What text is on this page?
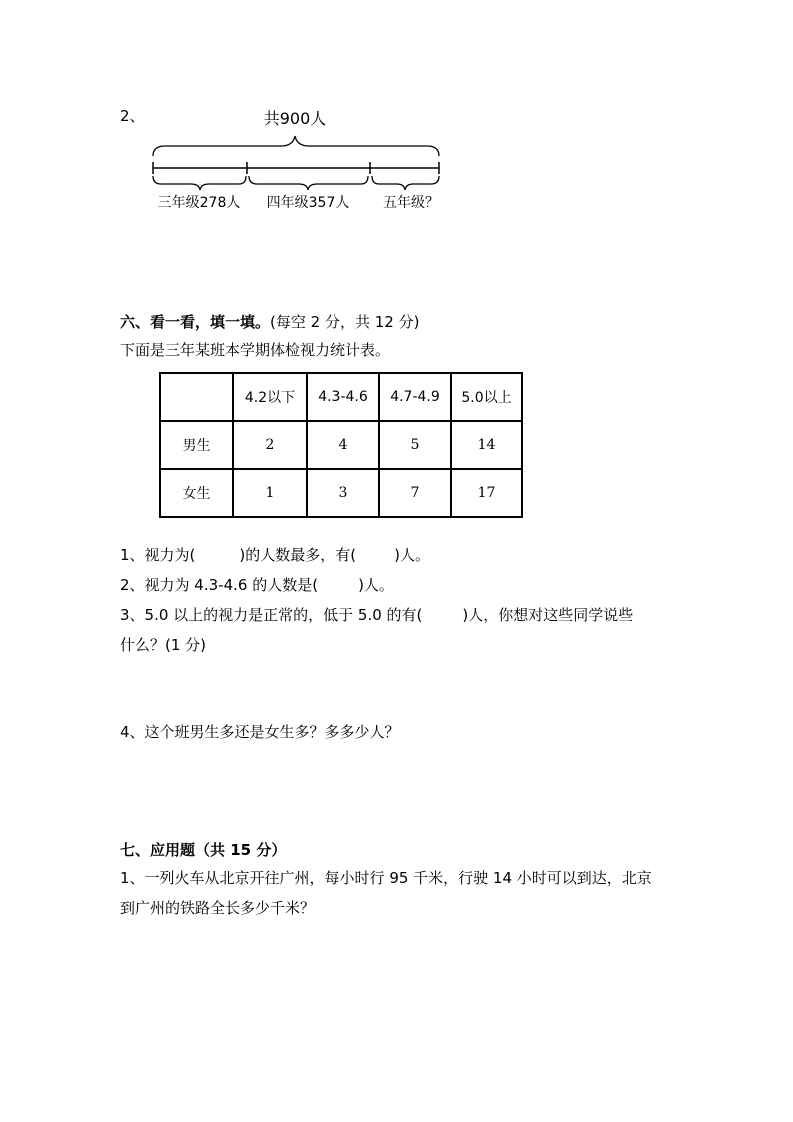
2、	共900人
三年级278人 四年级357人 五年级？
六、看一看，填一填。(每空 2 分，共 12 分)
下面是三年某班本学期体检视力统计表。
	4.2以下	4.3-4.6	4.7-4.9	5.0以上
男生	2	4	5	14
女生	1	3	7	17
1、视力为(	)的人数最多，有(	)人。
2、视力为 4.3-4.6 的人数是(	)人。
3、5.0 以上的视力是正常的，低于 5.0 的有(	)人，你想对这些同学说些
什么？(1 分)
4、这个班男生多还是女生多？多多少人？
七、应用题（共 15 分）
1、一列火车从北京开往广州，每小时行 95 千米，行驶 14 小时可以到达，北京
到广州的铁路全长多少千米？
